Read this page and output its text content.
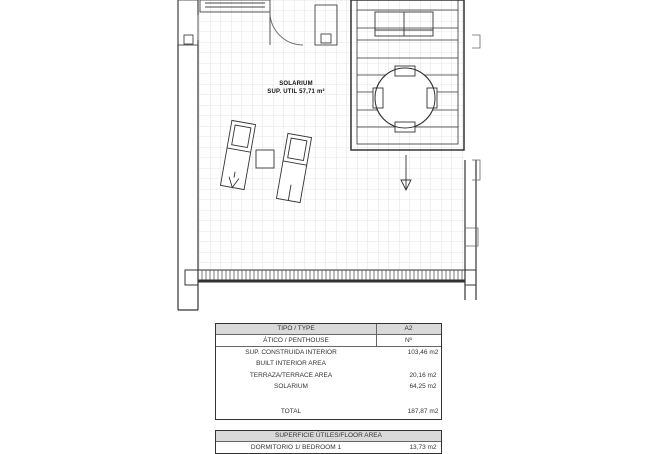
SOLARIUM
SUP. UTIL 57,71 m²
TIPO / TYPE	A2
ÁTICO / PENTHOUSE	Nº
SUP. CONSTRUIDA INTERIOR	103,46 m2
BUILT INTERIOR AREA
TERRAZA/TERRACE AREA	20,16 m2
SOLARIUM	64,25 m2
TOTAL	187,87 m2
SUPERFICIE ÚTILES/FLOOR AREA
DORMITORIO 1/ BEDROOM 1	13,73 m2
